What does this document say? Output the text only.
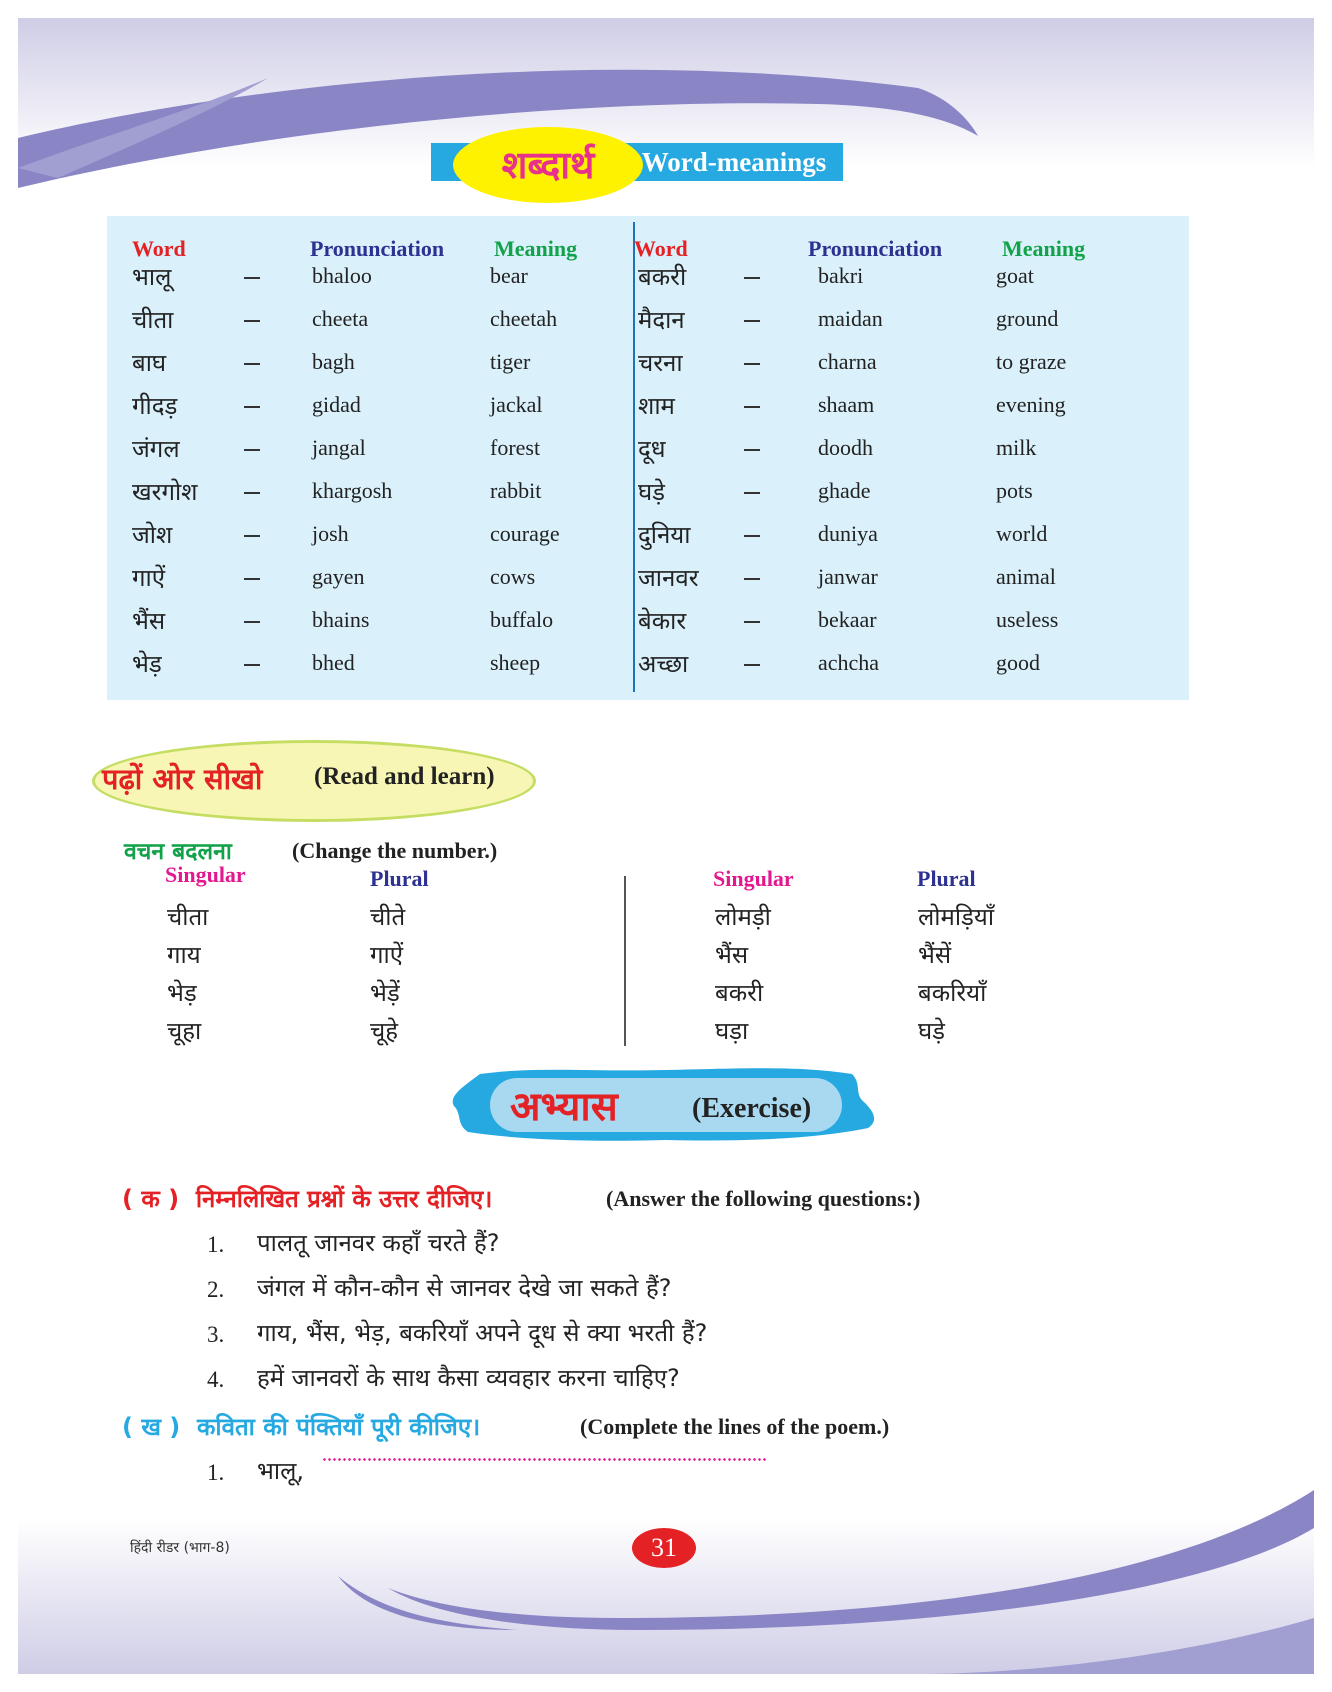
शब्दार्थ	Word-meanings
Word	Pronunciation Meaning	Word	Pronunciation	Meaning
भालू	bhaloo	bear
चीता	cheeta	cheetah
बाघ	bagh	tiger
गीदड़	gidad	jackal
जंगल	jangal	forest
खरगोश	khargosh	rabbit
जोश	josh	courage
गाऐं	gayen	cows
भैंस	bhains	buffalo
भेड़	bhed	sheep
बकरी	bakri	goat
मैदान	maidan	ground
चरना	charna	to graze
शाम	shaam	evening
दूध	doodh	milk
घड़े	ghade	pots
दुनिया	duniya	world
जानवर	janwar	animal
बेकार	bekaar	useless
अच्छा	achcha	good
पढ़ों ओर सीखो (Read and learn)
वचन बदलना	(Change the number.)
Singular	Plural	Singular	Plural
चीता	चीते
गाय	गाऐं
भेड़	भेड़ें
चूहा	चूहे
लोमड़ी	लोमड़ियाँ
भैंस	भैंसें
बकरी	बकरियाँ
घड़ा	घड़े
अभ्यास	(Exercise)
( क ) निम्नलिखित प्रश्नों के उत्तर दीजिए।	(Answer the following questions:)
1. पालतू जानवर कहाँ चरते हैं?
2. जंगल में कौन-कौन से जानवर देखे जा सकते हैं?
3. गाय, भैंस, भेड़, बकरियाँ अपने दूध से क्या भरती हैं?
4. हमें जानवरों के साथ कैसा व्यवहार करना चाहिए?
( ख ) कविता की पंक्तियाँ पूरी कीजिए।	(Complete the lines of the poem.)
1. भालू,
हिंदी रीडर (भाग-8)	31
